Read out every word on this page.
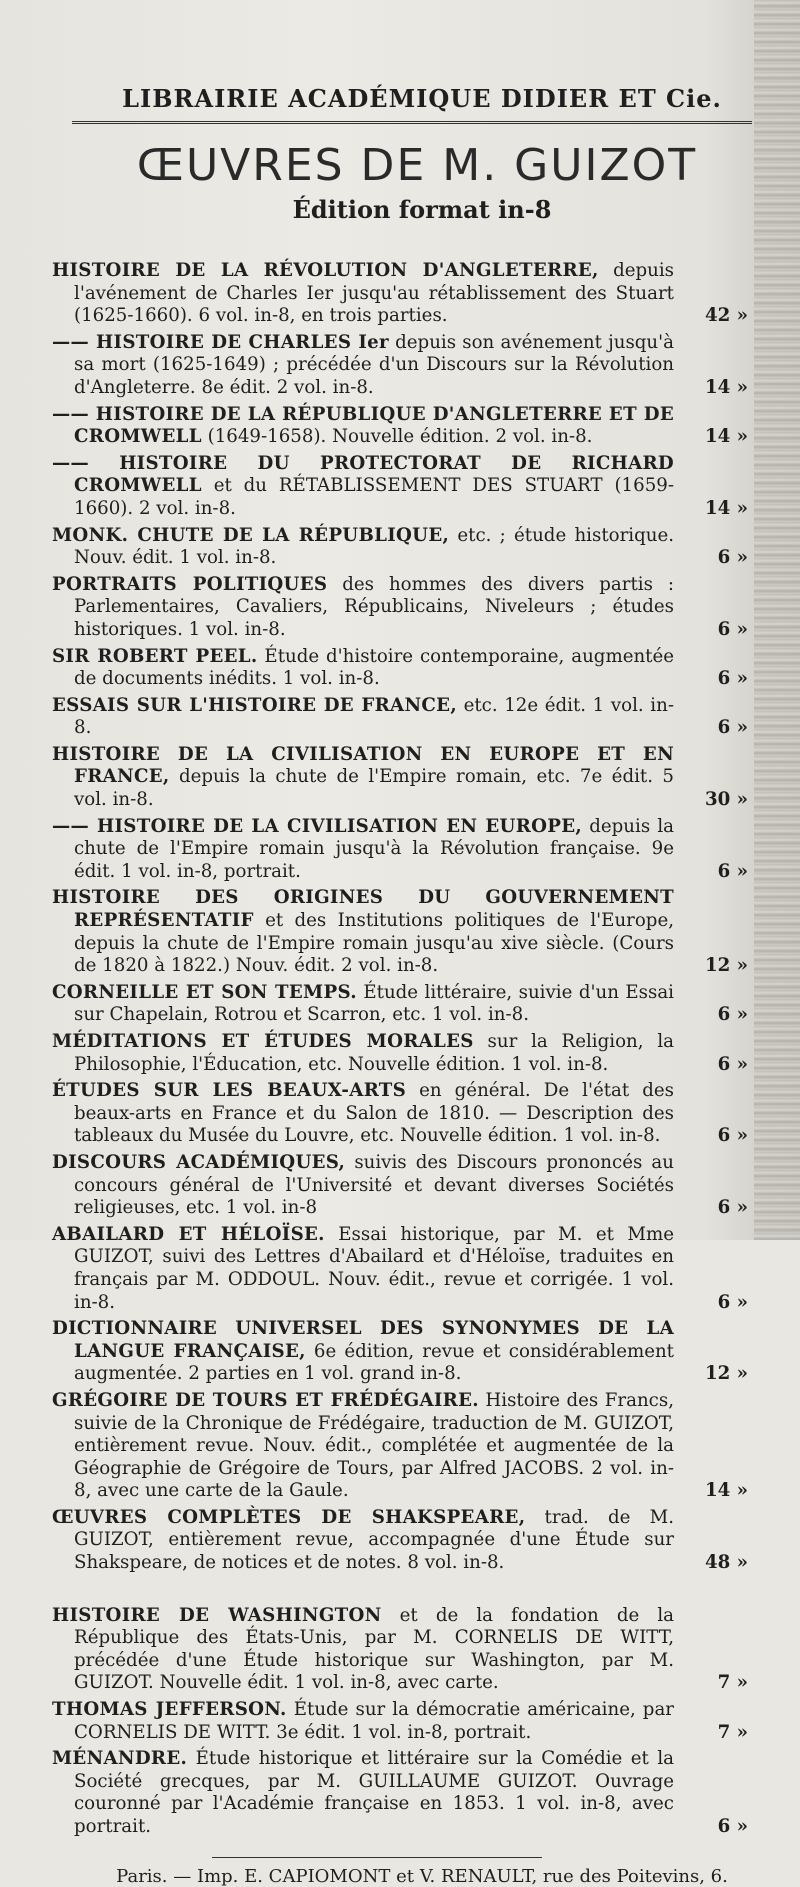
LIBRAIRIE ACADÉMIQUE DIDIER ET Cie.
ŒUVRES DE M. GUIZOT
Édition format in-8
HISTOIRE DE LA RÉVOLUTION D'ANGLETERRE, depuis l'avénement de Charles Ier jusqu'au rétablissement des Stuart (1625-1660). 6 vol. in-8, en trois parties.	42 »
—— HISTOIRE DE CHARLES Ier depuis son avénement jusqu'à sa mort (1625-1649) ; précédée d'un Discours sur la Révolution d'Angleterre. 8e édit. 2 vol. in-8.	14 »
—— HISTOIRE DE LA RÉPUBLIQUE D'ANGLETERRE ET DE CROMWELL (1649-1658). Nouvelle édition. 2 vol. in-8.	14 »
—— HISTOIRE DU PROTECTORAT DE RICHARD CROMWELL et du RÉTABLISSEMENT DES STUART (1659-1660). 2 vol. in-8.	14 »
MONK. CHUTE DE LA RÉPUBLIQUE, etc. ; étude historique. Nouv. édit. 1 vol. in-8.	6 »
PORTRAITS POLITIQUES des hommes des divers partis : Parlementaires, Cavaliers, Républicains, Niveleurs ; études historiques. 1 vol. in-8.	6 »
SIR ROBERT PEEL. Étude d'histoire contemporaine, augmentée de documents inédits. 1 vol. in-8.	6 »
ESSAIS SUR L'HISTOIRE DE FRANCE, etc. 12e édit. 1 vol. in-8.	6 »
HISTOIRE DE LA CIVILISATION EN EUROPE ET EN FRANCE, depuis la chute de l'Empire romain, etc. 7e édit. 5 vol. in-8.	30 »
—— HISTOIRE DE LA CIVILISATION EN EUROPE, depuis la chute de l'Empire romain jusqu'à la Révolution française. 9e édit. 1 vol. in-8, portrait.	6 »
HISTOIRE DES ORIGINES DU GOUVERNEMENT REPRÉSENTATIF et des Institutions politiques de l'Europe, depuis la chute de l'Empire romain jusqu'au xive siècle. (Cours de 1820 à 1822.) Nouv. édit. 2 vol. in-8.	12 »
CORNEILLE ET SON TEMPS. Étude littéraire, suivie d'un Essai sur Chapelain, Rotrou et Scarron, etc. 1 vol. in-8.	6 »
MÉDITATIONS ET ÉTUDES MORALES sur la Religion, la Philosophie, l'Éducation, etc. Nouvelle édition. 1 vol. in-8.	6 »
ÉTUDES SUR LES BEAUX-ARTS en général. De l'état des beaux-arts en France et du Salon de 1810. — Description des tableaux du Musée du Louvre, etc. Nouvelle édition. 1 vol. in-8.	6 »
DISCOURS ACADÉMIQUES, suivis des Discours prononcés au concours général de l'Université et devant diverses Sociétés religieuses, etc. 1 vol. in-8	6 »
ABAILARD ET HÉLOÏSE. Essai historique, par M. et Mme GUIZOT, suivi des Lettres d'Abailard et d'Héloïse, traduites en français par M. ODDOUL. Nouv. édit., revue et corrigée. 1 vol. in-8.	6 »
DICTIONNAIRE UNIVERSEL DES SYNONYMES DE LA LANGUE FRANÇAISE, 6e édition, revue et considérablement augmentée. 2 parties en 1 vol. grand in-8.	12 »
GRÉGOIRE DE TOURS ET FRÉDÉGAIRE. Histoire des Francs, suivie de la Chronique de Frédégaire, traduction de M. GUIZOT, entièrement revue. Nouv. édit., complétée et augmentée de la Géographie de Grégoire de Tours, par Alfred JACOBS. 2 vol. in-8, avec une carte de la Gaule.	14 »
ŒUVRES COMPLÈTES DE SHAKSPEARE, trad. de M. GUIZOT, entièrement revue, accompagnée d'une Étude sur Shakspeare, de notices et de notes. 8 vol. in-8.	48 »
HISTOIRE DE WASHINGTON et de la fondation de la République des États-Unis, par M. CORNELIS DE WITT, précédée d'une Étude historique sur Washington, par M. GUIZOT. Nouvelle édit. 1 vol. in-8, avec carte.	7 »
THOMAS JEFFERSON. Étude sur la démocratie américaine, par CORNELIS DE WITT. 3e édit. 1 vol. in-8, portrait.	7 »
MÉNANDRE. Étude historique et littéraire sur la Comédie et la Société grecques, par M. GUILLAUME GUIZOT. Ouvrage couronné par l'Académie française en 1853. 1 vol. in-8, avec portrait.	6 »
Paris. — Imp. E. CAPIOMONT et V. RENAULT, rue des Poitevins, 6.
